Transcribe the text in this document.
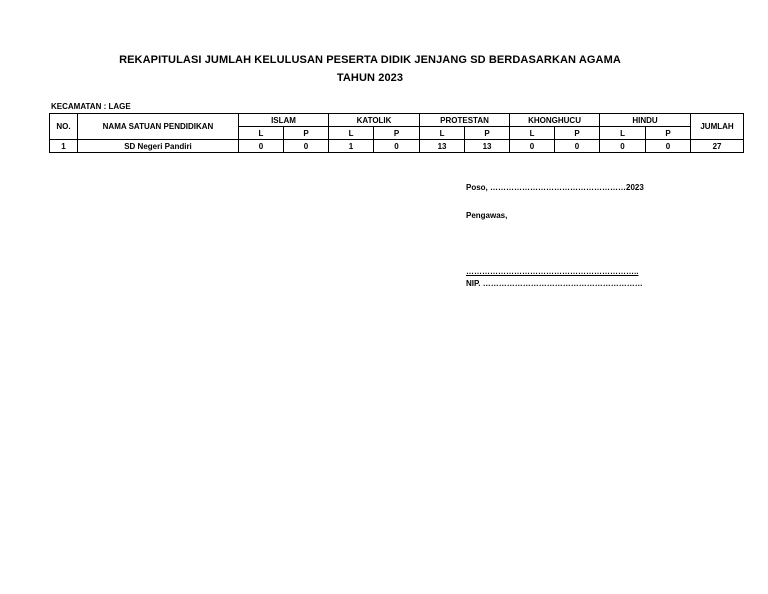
REKAPITULASI JUMLAH KELULUSAN PESERTA DIDIK JENJANG SD BERDASARKAN AGAMA
TAHUN 2023
KECAMATAN : LAGE
NO.	NAMA SATUAN PENDIDIKAN	ISLAM		KATOLIK		PROTESTAN		KHONGHUCU		HINDU		JUMLAH
		L	P	L	P	L	P	L	P	L	P	
1	SD Negeri Pandiri	0	0	1	0	13	13	0	0	0	0	27
Poso, ……………………………………………2023
Pengawas,
………………………………………………………..
NIP. ……………………………………………………
